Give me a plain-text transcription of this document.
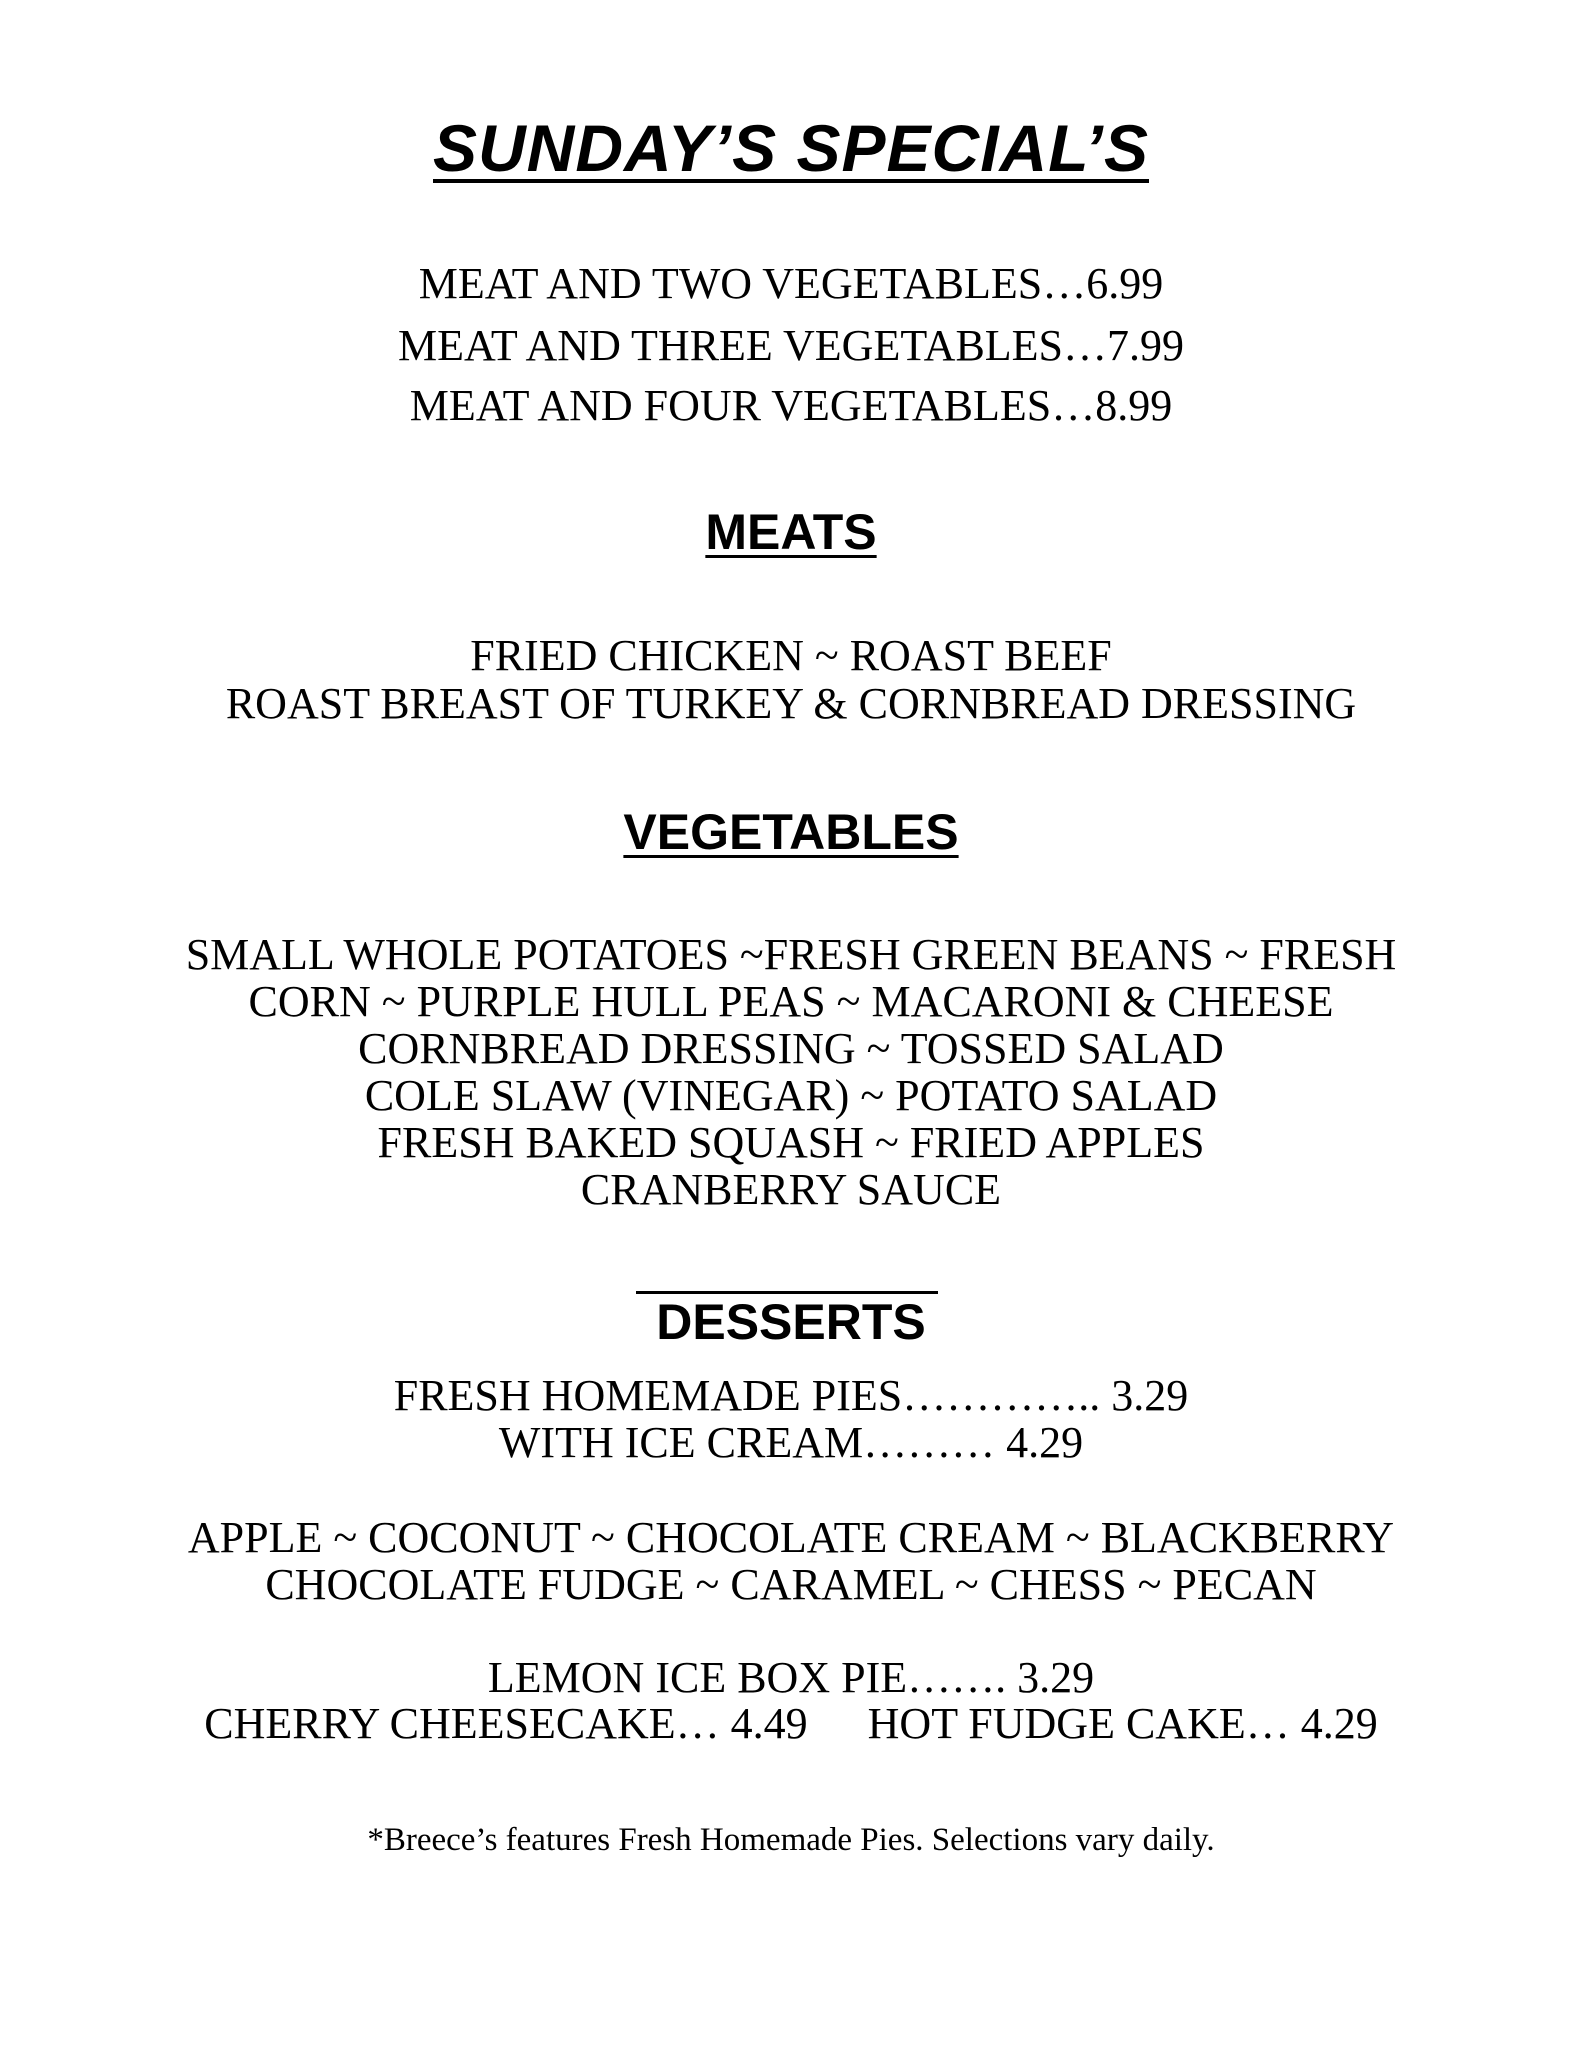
SUNDAY’S SPECIAL’S
MEAT AND TWO VEGETABLES…6.99
MEAT AND THREE VEGETABLES…7.99
MEAT AND FOUR VEGETABLES…8.99
MEATS
FRIED CHICKEN ~ ROAST BEEF
ROAST BREAST OF TURKEY & CORNBREAD DRESSING
VEGETABLES
SMALL WHOLE POTATOES ~FRESH GREEN BEANS ~ FRESH
CORN ~ PURPLE HULL PEAS ~ MACARONI & CHEESE
CORNBREAD DRESSING ~ TOSSED SALAD
COLE SLAW (VINEGAR) ~ POTATO SALAD
FRESH BAKED SQUASH ~ FRIED APPLES
CRANBERRY SAUCE
DESSERTS
FRESH HOMEMADE PIES………….. 3.29
WITH ICE CREAM……… 4.29
APPLE ~ COCONUT ~ CHOCOLATE CREAM ~ BLACKBERRY
CHOCOLATE FUDGE ~ CARAMEL ~ CHESS ~ PECAN
LEMON ICE BOX PIE……. 3.29
CHERRY CHEESECAKE… 4.49 HOT FUDGE CAKE… 4.29
*Breece’s features Fresh Homemade Pies. Selections vary daily.
